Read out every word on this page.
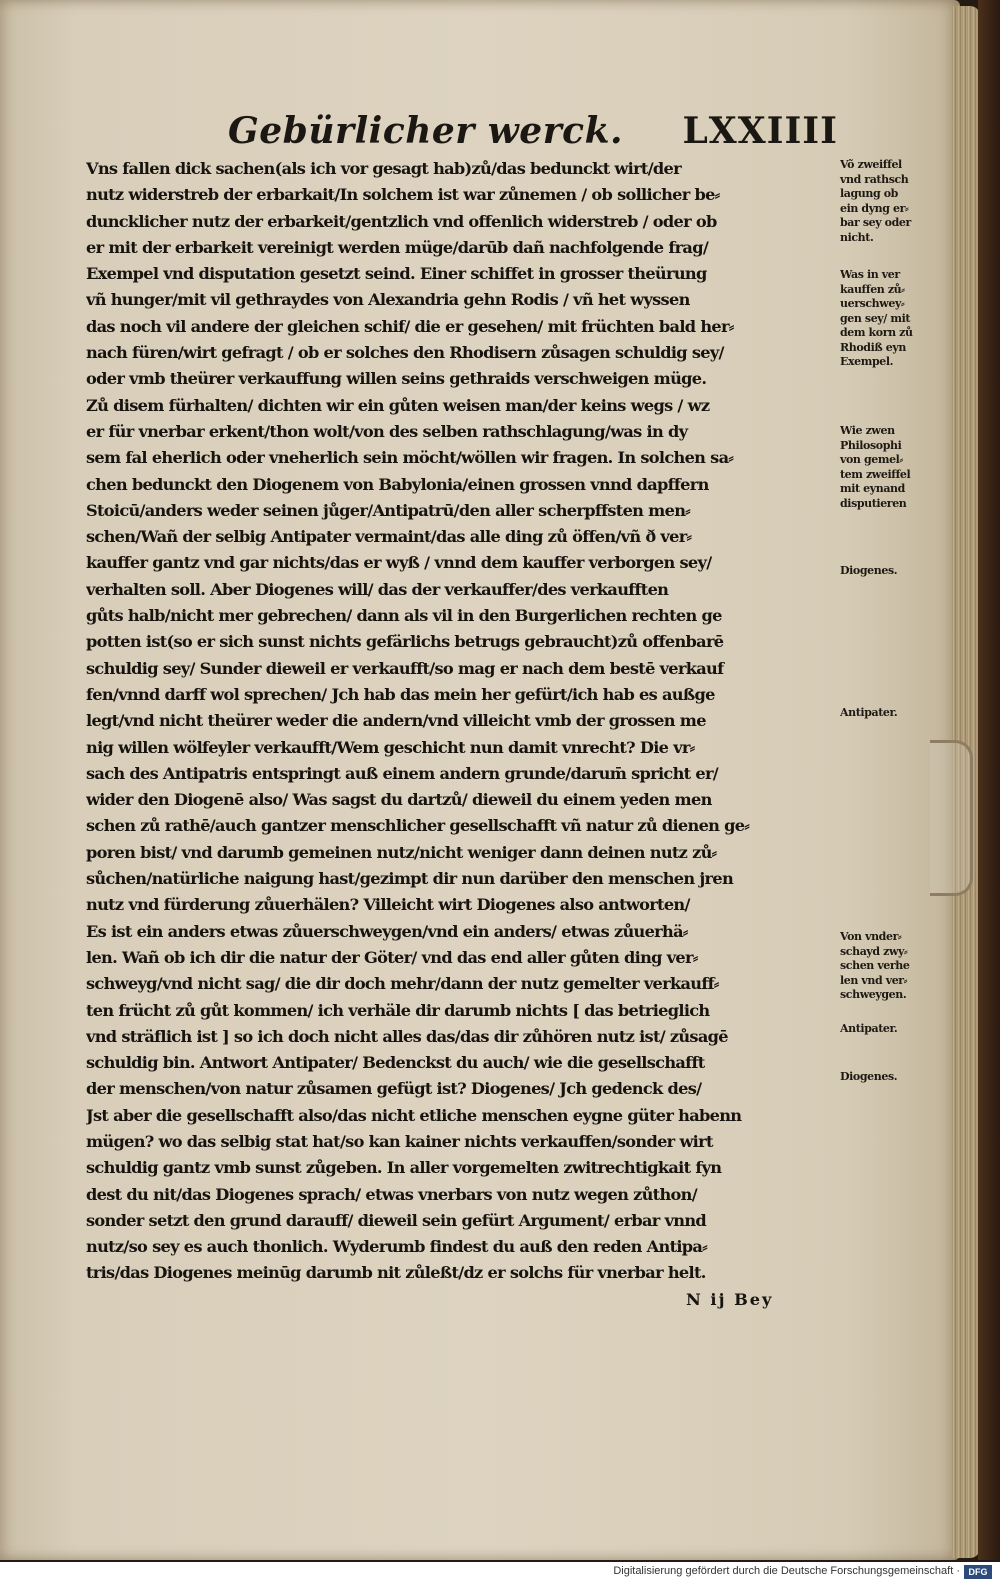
Gebürlicher werck. LXXIIII
Vns fallen dick sachen(als ich vor gesagt hab)zů/das bedunckt wirt/der
nutz widerstreb der erbarkait/In solchem ist war zůnemen / ob sollicher be⸗
duncklicher nutz der erbarkeit/gentzlich vnd offenlich widerstreb / oder ob
er mit der erbarkeit vereinigt werden müge/darūb dañ nachfolgende frag/
Exempel vnd disputation gesetzt seind. Einer schiffet in grosser theürung
vñ hunger/mit vil gethraydes von Alexandria gehn Rodis / vñ het wyssen
das noch vil andere der gleichen schif/ die er gesehen/ mit früchten bald her⸗
nach füren/wirt gefragt / ob er solches den Rhodisern zůsagen schuldig sey/
oder vmb theürer verkauffung willen seins gethraids verschweigen müge.
Zů disem fürhalten/ dichten wir ein gůten weisen man/der keins wegs / wz
er für vnerbar erkent/thon wolt/von des selben rathschlagung/was in dy
sem fal eherlich oder vneherlich sein möcht/wöllen wir fragen. In solchen sa⸗
chen bedunckt den Diogenem von Babylonia/einen grossen vnnd dapffern
Stoicū/anders weder seinen jůger/Antipatrū/den aller scherpffsten men⸗
schen/Wañ der selbig Antipater vermaint/das alle ding zů öffen/vñ ð ver⸗
kauffer gantz vnd gar nichts/das er wyß / vnnd dem kauffer verborgen sey/
verhalten soll. Aber Diogenes will/ das der verkauffer/des verkaufften
gůts halb/nicht mer gebrechen/ dann als vil in den Burgerlichen rechten ge
potten ist(so er sich sunst nichts gefärlichs betrugs gebraucht)zů offenbarē
schuldig sey/ Sunder dieweil er verkaufft/so mag er nach dem bestē verkauf
fen/vnnd darff wol sprechen/ Jch hab das mein her gefürt/ich hab es außge
legt/vnd nicht theürer weder die andern/vnd villeicht vmb der grossen me
nig willen wölfeyler verkaufft/Wem geschicht nun damit vnrecht? Die vr⸗
sach des Antipatris entspringt auß einem andern grunde/darum̄ spricht er/
wider den Diogenē also/ Was sagst du dartzů/ dieweil du einem yeden men
schen zů rathē/auch gantzer menschlicher gesellschafft vñ natur zů dienen ge⸗
poren bist/ vnd darumb gemeinen nutz/nicht weniger dann deinen nutz zů⸗
sůchen/natürliche naigung hast/gezimpt dir nun darüber den menschen jren
nutz vnd fürderung zůuerhälen? Villeicht wirt Diogenes also antworten/
Es ist ein anders etwas zůuerschweygen/vnd ein anders/ etwas zůuerhä⸗
len. Wañ ob ich dir die natur der Göter/ vnd das end aller gůten ding ver⸗
schweyg/vnd nicht sag/ die dir doch mehr/dann der nutz gemelter verkauff⸗
ten frücht zů gůt kommen/ ich verhäle dir darumb nichts [ das betrieglich
vnd sträflich ist ] so ich doch nicht alles das/das dir zůhören nutz ist/ zůsagē
schuldig bin. Antwort Antipater/ Bedenckst du auch/ wie die gesellschafft
der menschen/von natur zůsamen gefügt ist? Diogenes/ Jch gedenck des/
Jst aber die gesellschafft also/das nicht etliche menschen eygne güter habenn
mügen? wo das selbig stat hat/so kan kainer nichts verkauffen/sonder wirt
schuldig gantz vmb sunst zůgeben. In aller vorgemelten zwitrechtigkait fyn
dest du nit/das Diogenes sprach/ etwas vnerbars von nutz wegen zůthon/
sonder setzt den grund darauff/ dieweil sein gefürt Argument/ erbar vnnd
nutz/so sey es auch thonlich. Wyderumb findest du auß den reden Antipa⸗
tris/das Diogenes meinūg darumb nit zůleßt/dz er solchs für vnerbar helt.
N ij Bey
Võ zweiffel
vnd rathsch
lagung ob
ein dyng er⸗
bar sey oder
nicht.
Was in ver
kauffen zů⸗
uerschwey⸗
gen sey/ mit
dem korn zů
Rhodiß eyn
Exempel.
Wie zwen
Philosophi
von gemel⸗
tem zweiffel
mit eynand
disputieren
Diogenes.
Antipater.
Von vnder⸗
schayd zwy⸗
schen verhe
len vnd ver⸗
schweygen.
Antipater.
Diogenes.
Digitalisierung gefördert durch die Deutsche Forschungsgemeinschaft · DFG
